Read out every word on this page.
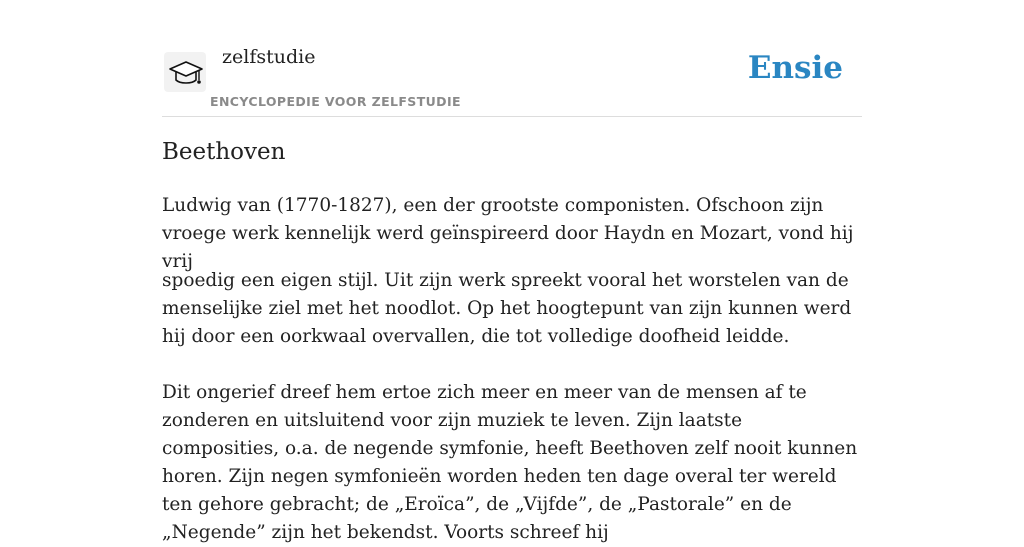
zelfstudie
ENCYCLOPEDIE VOOR ZELFSTUDIE
Ensie
Beethoven

Ludwig van (1770-1827), een der grootste componisten. Ofschoon zijn vroege werk kennelijk werd geïnspireerd door Haydn en Mozart, vond hij vrij

spoedig een eigen stijl. Uit zijn werk spreekt vooral het worstelen van de menselijke ziel met het noodlot. Op het hoogtepunt van zijn kunnen werd hij door een oorkwaal overvallen, die tot volledige doofheid leidde.

Dit ongerief dreef hem ertoe zich meer en meer van de mensen af te zonderen en uitsluitend voor zijn muziek te leven. Zijn laatste composities, o.a. de negende symfonie, heeft Beethoven zelf nooit kunnen horen. Zijn negen symfonieën worden heden ten dage overal ter wereld ten gehore gebracht; de „Eroïca”, de „Vijfde”, de „Pastorale” en de „Negende” zijn het bekendst. Voorts schreef hij
